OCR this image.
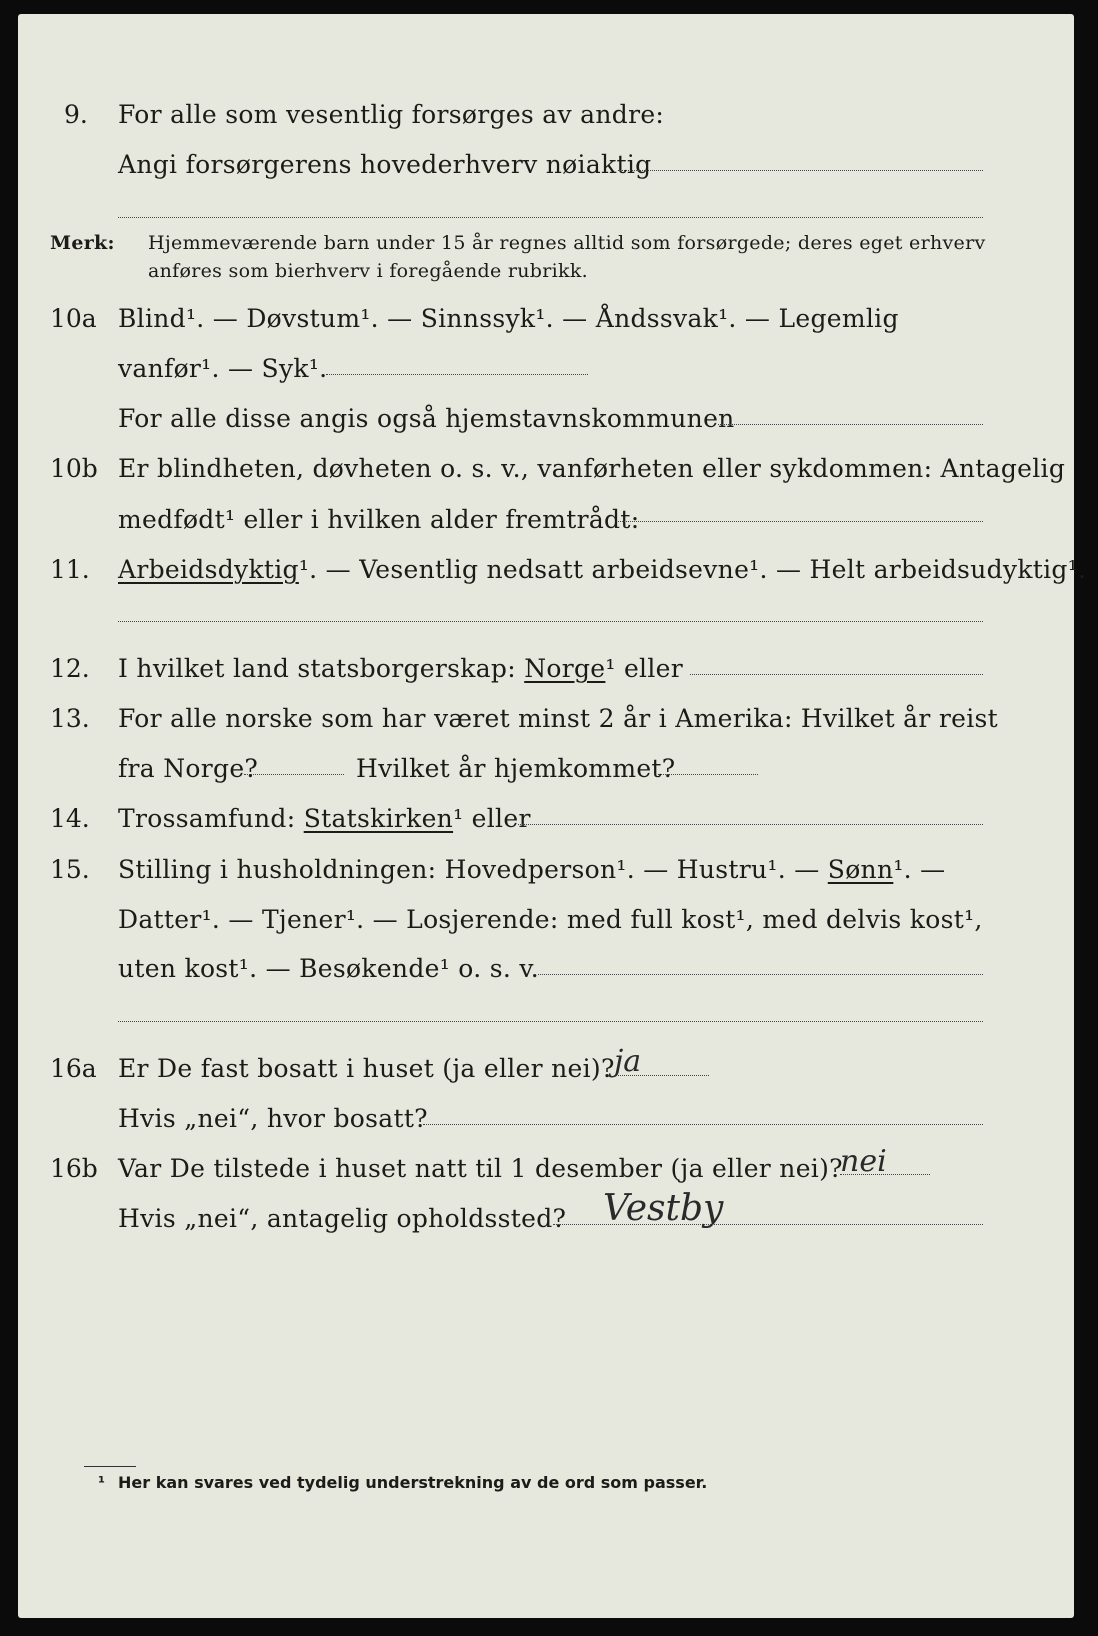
9. For alle som vesentlig forsørges av andre:
Angi forsørgerens hovederhverv nøiaktig
Merk: Hjemmeværende barn under 15 år regnes alltid som forsørgede; deres eget erhverv
anføres som bierhverv i foregående rubrikk.
10a Blind¹. — Døvstum¹. — Sinnssyk¹. — Åndssvak¹. — Legemlig
vanfør¹. — Syk¹.
For alle disse angis også hjemstavnskommunen
10b Er blindheten, døvheten o. s. v., vanførheten eller sykdommen: Antagelig
medfødt¹ eller i hvilken alder fremtrådt:
11. Arbeidsdyktig¹. — Vesentlig nedsatt arbeidsevne¹. — Helt arbeidsudyktig¹.
12. I hvilket land statsborgerskap: Norge¹ eller
13. For alle norske som har været minst 2 år i Amerika: Hvilket år reist
fra Norge?	Hvilket år hjemkommet?
14. Trossamfund: Statskirken¹ eller
15. Stilling i husholdningen: Hovedperson¹. — Hustru¹. — Sønn¹. —
Datter¹. — Tjener¹. — Losjerende: med full kost¹, med delvis kost¹,
uten kost¹. — Besøkende¹ o. s. v.
16a Er De fast bosatt i huset (ja eller nei)? ja
Hvis „nei“, hvor bosatt?
16b Var De tilstede i huset natt til 1 desember (ja eller nei)?
nei
Hvis „nei“, antagelig opholdssted? Vestby
¹ Her kan svares ved tydelig understrekning av de ord som passer.
